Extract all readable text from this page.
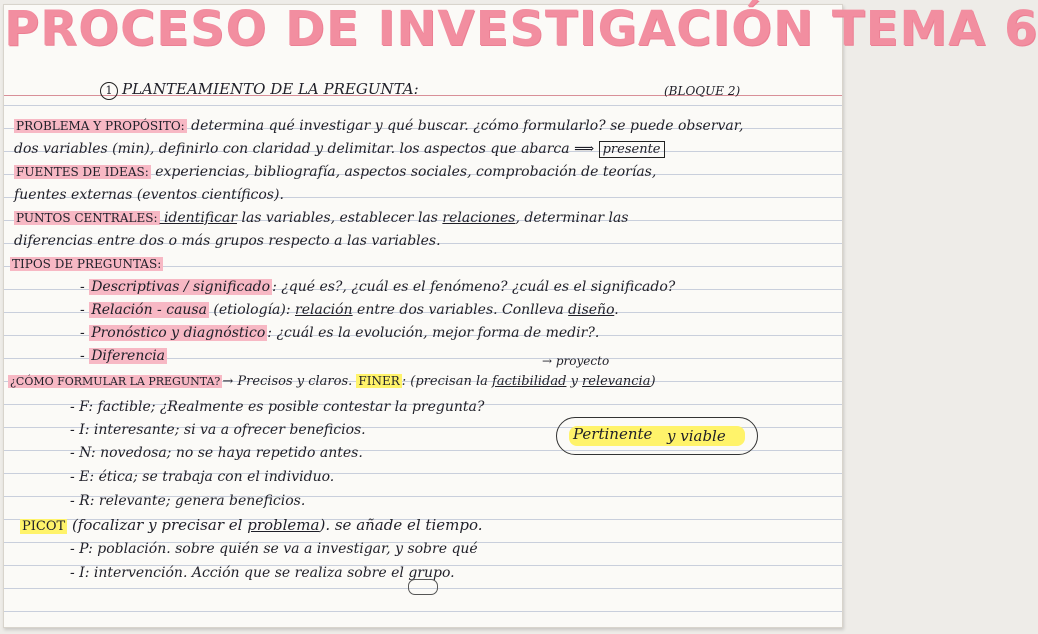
PROCESO DE INVESTIGACIÓN TEMA 6
1 PLANTEAMIENTO DE LA PREGUNTA:	(BLOQUE 2)
PROBLEMA Y PROPÓSITO: determina qué investigar y qué buscar. ¿cómo formularlo? se puede observar,
dos variables (min), definirlo con claridad y delimitar. los aspectos que abarca ⟹ presente
FUENTES DE IDEAS: experiencias, bibliografía, aspectos sociales, comprobación de teorías,
fuentes externas (eventos científicos).
PUNTOS CENTRALES: identificar las variables, establecer las relaciones, determinar las
diferencias entre dos o más grupos respecto a las variables.
TIPOS DE PREGUNTAS:
- Descriptivas / significado : ¿qué es?, ¿cuál es el fenómeno? ¿cuál es el significado?
- Relación - causa (etiología): relación entre dos variables. Conlleva diseño.
- Pronóstico y diagnóstico : ¿cuál es la evolución, mejor forma de medir?.
- Diferencia	→ proyecto
¿CÓMO FORMULAR LA PREGUNTA? → Precisos y claros. FINER : (precisan la factibilidad y relevancia)
- F: factible; ¿Realmente es posible contestar la pregunta?
- I: interesante; si va a ofrecer beneficios.	Pertinente y viable
- N: novedosa; no se haya repetido antes.
- E: ética; se trabaja con el individuo.
- R: relevante; genera beneficios.
PICOT (focalizar y precisar el problema). se añade el tiempo.
- P: población. sobre quién se va a investigar, y sobre qué
- I: intervención. Acción que se realiza sobre el grupo.
